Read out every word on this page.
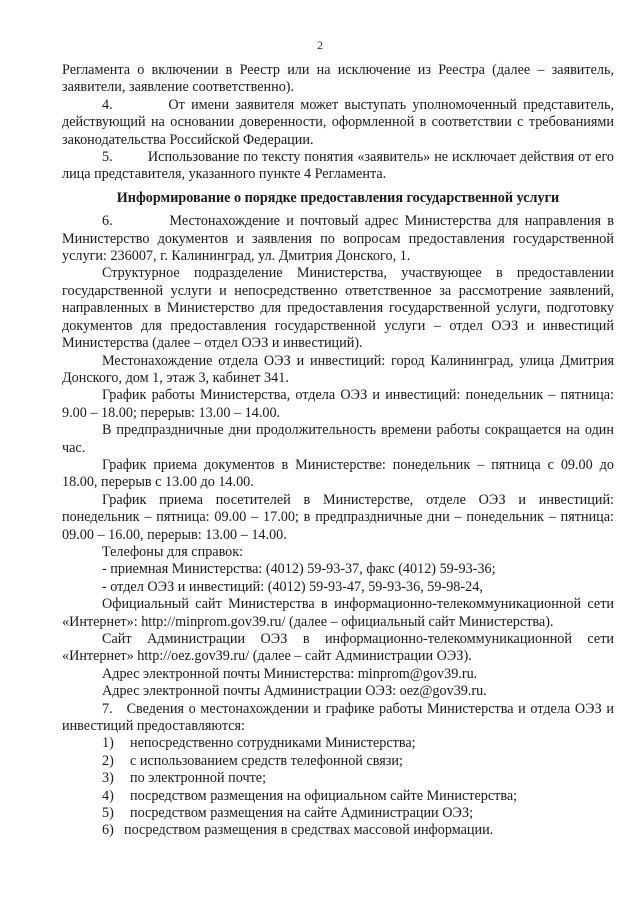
2

Регламента о включении в Реестр или на исключение из Реестра (далее – заявитель, заявители, заявление соответственно).

4.         От имени заявителя может выступать уполномоченный представитель, действующий на основании доверенности, оформленной в соответствии с требованиями законодательства Российской Федерации.

5.         Использование по тексту понятия «заявитель» не исключает действия от его лица представителя, указанного пункте 4 Регламента.

Информирование о порядке предоставления государственной услуги

6.         Местонахождение и почтовый адрес Министерства для направления в Министерство документов и заявления по вопросам предоставления государственной услуги: 236007, г. Калининград, ул. Дмитрия Донского, 1.

Структурное подразделение Министерства, участвующее в предоставлении государственной услуги и непосредственно ответственное за рассмотрение заявлений, направленных в Министерство для предоставления государственной услуги, подготовку документов для предоставления государственной услуги – отдел ОЭЗ и инвестиций Министерства (далее – отдел ОЭЗ и инвестиций).

Местонахождение отдела ОЭЗ и инвестиций: город Калининград, улица Дмитрия Донского, дом 1, этаж 3, кабинет 341.

График работы Министерства, отдела ОЭЗ и инвестиций: понедельник – пятница: 9.00 – 18.00; перерыв: 13.00 – 14.00.

В предпраздничные дни продолжительность времени работы сокращается на один час.

График приема документов в Министерстве: понедельник – пятница с 09.00 до 18.00, перерыв с 13.00 до 14.00.

График приема посетителей в Министерстве, отделе ОЭЗ и инвестиций: понедельник – пятница: 09.00 – 17.00; в предпраздничные дни – понедельник – пятница: 09.00 – 16.00, перерыв: 13.00 – 14.00.

Телефоны для справок:

- приемная Министерства: (4012) 59-93-37, факс (4012) 59-93-36;
- отдел ОЭЗ и инвестиций: (4012) 59-93-47, 59-93-36, 59-98-24,

Официальный сайт Министерства в информационно-телекоммуникационной сети «Интернет»: http://minprom.gov39.ru/ (далее – официальный сайт Министерства).

Сайт Администрации ОЭЗ в информационно-телекоммуникационной сети «Интернет» http://oez.gov39.ru/ (далее – сайт Администрации ОЭЗ).

Адрес электронной почты Министерства: minprom@gov39.ru.

Адрес электронной почты Администрации ОЭЗ: oez@gov39.ru.

7.   Сведения о местонахождении и графике работы Министерства и отдела ОЭЗ и инвестиций предоставляются:

1)	непосредственно сотрудниками Министерства;
2)	с использованием средств телефонной связи;
3)	по электронной почте;
4)	посредством размещения на официальном сайте Министерства;
5)	посредством размещения на сайте Администрации ОЭЗ;
6) посредством размещения в средствах массовой информации.
